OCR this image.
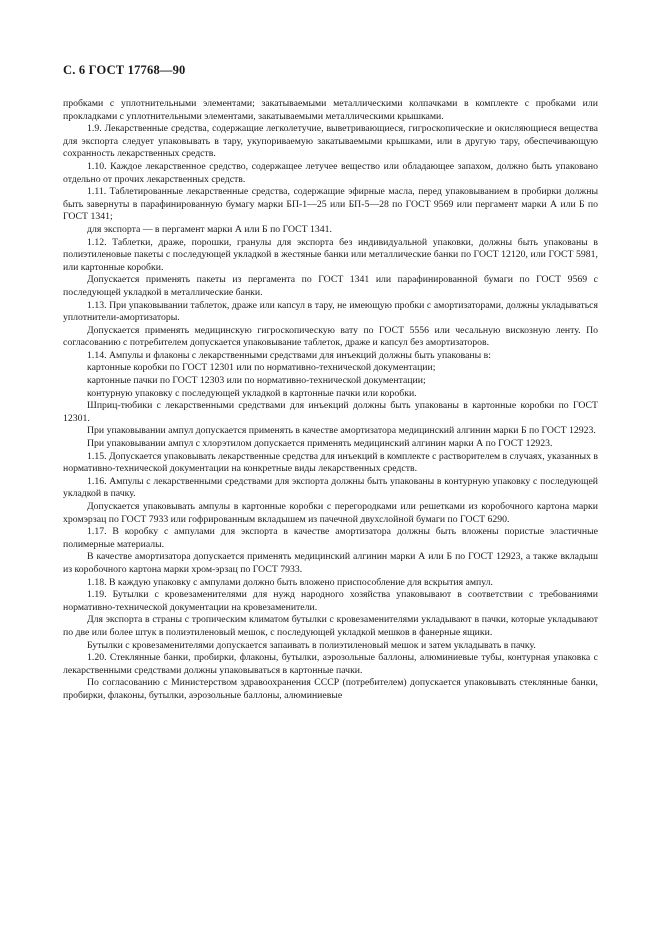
С. 6 ГОСТ 17768—90

пробками с уплотнительными элементами; закатываемыми металлическими колпачками в комплекте с пробками или прокладками с уплотнительными элементами, закатываемыми металлическими крышками.

1.9. Лекарственные средства, содержащие легколетучие, выветривающиеся, гигроскопические и окисляющиеся вещества для экспорта следует упаковывать в тару, укупориваемую закатываемыми крышками, или в другую тару, обеспечивающую сохранность лекарственных средств.

1.10. Каждое лекарственное средство, содержащее летучее вещество или обладающее запахом, должно быть упаковано отдельно от прочих лекарственных средств.

1.11. Таблетированные лекарственные средства, содержащие эфирные масла, перед упаковыванием в пробирки должны быть завернуты в парафинированную бумагу марки БП-1—25 или БП-5—28 по ГОСТ 9569 или пергамент марки А или Б по ГОСТ 1341;

для экспорта — в пергамент марки А или Б по ГОСТ 1341.

1.12. Таблетки, драже, порошки, гранулы для экспорта без индивидуальной упаковки, должны быть упакованы в полиэтиленовые пакеты с последующей укладкой в жестяные банки или металлические банки по ГОСТ 12120, или ГОСТ 5981, или картонные коробки.

Допускается применять пакеты из пергамента по ГОСТ 1341 или парафинированной бумаги по ГОСТ 9569 с последующей укладкой в металлические банки.

1.13. При упаковывании таблеток, драже или капсул в тару, не имеющую пробки с амортизаторами, должны укладываться уплотнители-амортизаторы.

Допускается применять медицинскую гигроскопическую вату по ГОСТ 5556 или чесальную вискозную ленту. По согласованию с потребителем допускается упаковывание таблеток, драже и капсул без амортизаторов.

1.14. Ампулы и флаконы с лекарственными средствами для инъекций должны быть упакованы в:

картонные коробки по ГОСТ 12301 или по нормативно-технической документации;

картонные пачки по ГОСТ 12303 или по нормативно-технической документации;

контурную упаковку с последующей укладкой в картонные пачки или коробки.

Шприц-тюбики с лекарственными средствами для инъекций должны быть упакованы в картонные коробки по ГОСТ 12301.

При упаковывании ампул допускается применять в качестве амортизатора медицинский алгинин марки Б по ГОСТ 12923.

При упаковывании ампул с хлорэтилом допускается применять медицинский алгинин марки А по ГОСТ 12923.

1.15. Допускается упаковывать лекарственные средства для инъекций в комплекте с растворителем в случаях, указанных в нормативно-технической документации на конкретные виды лекарственных средств.

1.16. Ампулы с лекарственными средствами для экспорта должны быть упакованы в контурную упаковку с последующей укладкой в пачку.

Допускается упаковывать ампулы в картонные коробки с перегородками или решетками из коробочного картона марки хромэрзац по ГОСТ 7933 или гофрированным вкладышем из пачечной двухслойной бумаги по ГОСТ 6290.

1.17. В коробку с ампулами для экспорта в качестве амортизатора должны быть вложены пористые эластичные полимерные материалы.

В качестве амортизатора допускается применять медицинский алгинин марки А или Б по ГОСТ 12923, а также вкладыш из коробочного картона марки хром-эрзац по ГОСТ 7933.

1.18. В каждую упаковку с ампулами должно быть вложено приспособление для вскрытия ампул.

1.19. Бутылки с кровезаменителями для нужд народного хозяйства упаковывают в соответствии с требованиями нормативно-технической документации на кровезаменители.

Для экспорта в страны с тропическим климатом бутылки с кровезаменителями укладывают в пачки, которые укладывают по две или более штук в полиэтиленовый мешок, с последующей укладкой мешков в фанерные ящики.

Бутылки с кровезаменителями допускается запаивать в полиэтиленовый мешок и затем укладывать в пачку.

1.20. Стеклянные банки, пробирки, флаконы, бутылки, аэрозольные баллоны, алюминиевые тубы, контурная упаковка с лекарственными средствами должны упаковываться в картонные пачки.

По согласованию с Министерством здравоохранения СССР (потребителем) допускается упаковывать стеклянные банки, пробирки, флаконы, бутылки, аэрозольные баллоны, алюминиевые
